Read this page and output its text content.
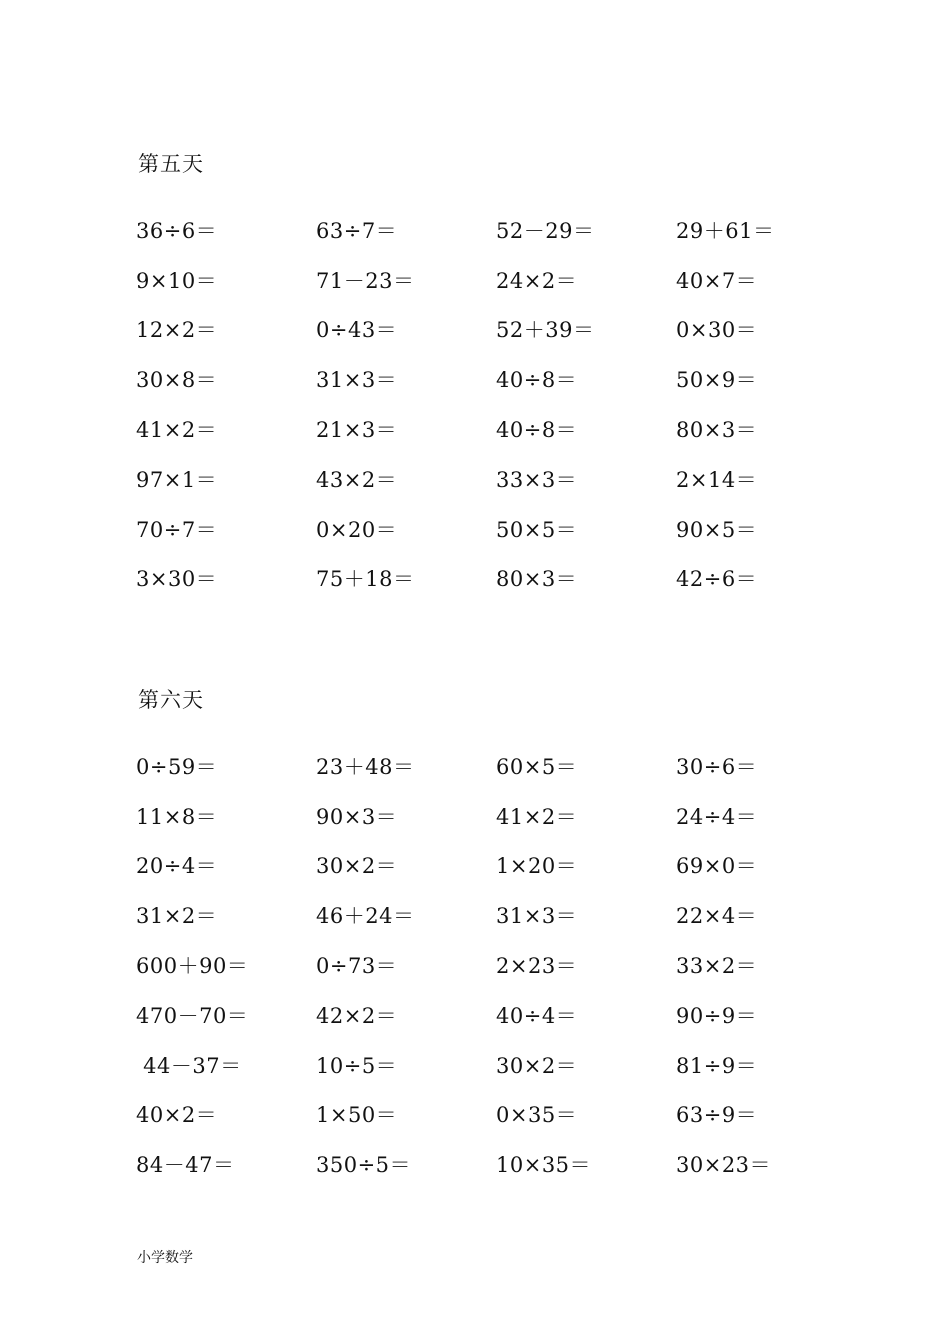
第五天
36÷6＝	63÷7＝	52－29＝	29＋61＝
9×10＝	71－23＝	24×2＝	40×7＝
12×2＝	0÷43＝	52＋39＝	0×30＝
30×8＝	31×3＝	40÷8＝	50×9＝
41×2＝	21×3＝	40÷8＝	80×3＝
97×1＝	43×2＝	33×3＝	2×14＝
70÷7＝	0×20＝	50×5＝	90×5＝
3×30＝	75＋18＝	80×3＝	42÷6＝
第六天
0÷59＝	23＋48＝	60×5＝	30÷6＝
11×8＝	90×3＝	41×2＝	24÷4＝
20÷4＝	30×2＝	1×20＝	69×0＝
31×2＝	46＋24＝	31×3＝	22×4＝
600＋90＝	0÷73＝	2×23＝	33×2＝
470－70＝	42×2＝	40÷4＝	90÷9＝
44－37＝	10÷5＝	30×2＝	81÷9＝
40×2＝	1×50＝	0×35＝	63÷9＝
84－47＝	350÷5＝	10×35＝	30×23＝
小学数学
